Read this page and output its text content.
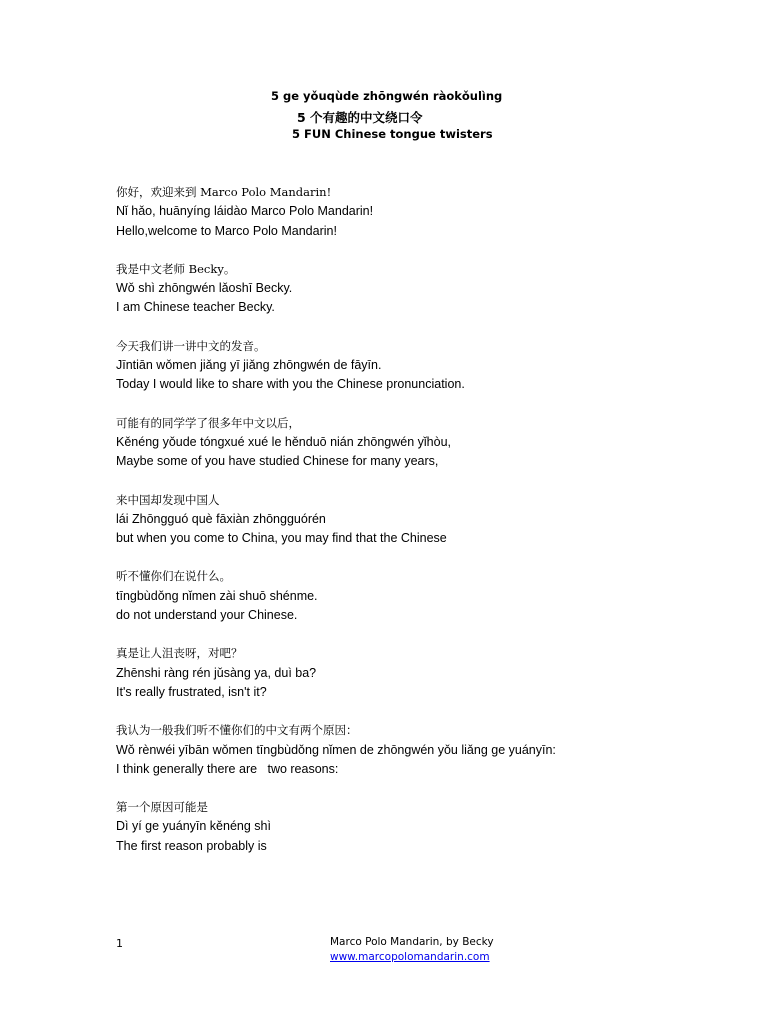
5 ge yǒuqùde zhōngwén ràokǒulìng
5 个有趣的中文绕口令
5 FUN Chinese tongue twisters
你好，欢迎来到 Marco Polo Mandarin!
Nǐ hǎo, huānyíng láidào Marco Polo Mandarin!
Hello,welcome to Marco Polo Mandarin!
我是中文老师 Becky。
Wǒ shì zhōngwén lǎoshī Becky.
I am Chinese teacher Becky.
今天我们讲一讲中文的发音。
Jīntiān wǒmen jiǎng yī jiǎng zhōngwén de fāyīn.
Today I would like to share with you the Chinese pronunciation.
可能有的同学学了很多年中文以后，
Kěnéng yǒude tóngxué xué le hěnduō nián zhōngwén yǐhòu,
Maybe some of you have studied Chinese for many years,
来中国却发现中国人
lái Zhōngguó què fāxiàn zhōngguórén
but when you come to China, you may find that the Chinese
听不懂你们在说什么。
tīngbùdǒng nǐmen zài shuō shénme.
do not understand your Chinese.
真是让人沮丧呀，对吧？
Zhēnshi ràng rén jǔsàng ya, duì ba?
It's really frustrated, isn't it?
我认为一般我们听不懂你们的中文有两个原因：
Wǒ rènwéi yībān wǒmen tīngbùdǒng nǐmen de zhōngwén yǒu liǎng ge yuányīn:
I think generally there are   two reasons:
第一个原因可能是
Dì yí ge yuányīn kěnéng shì
The first reason probably is
1	Marco Polo Mandarin, by Becky
www.marcopolomandarin.com
